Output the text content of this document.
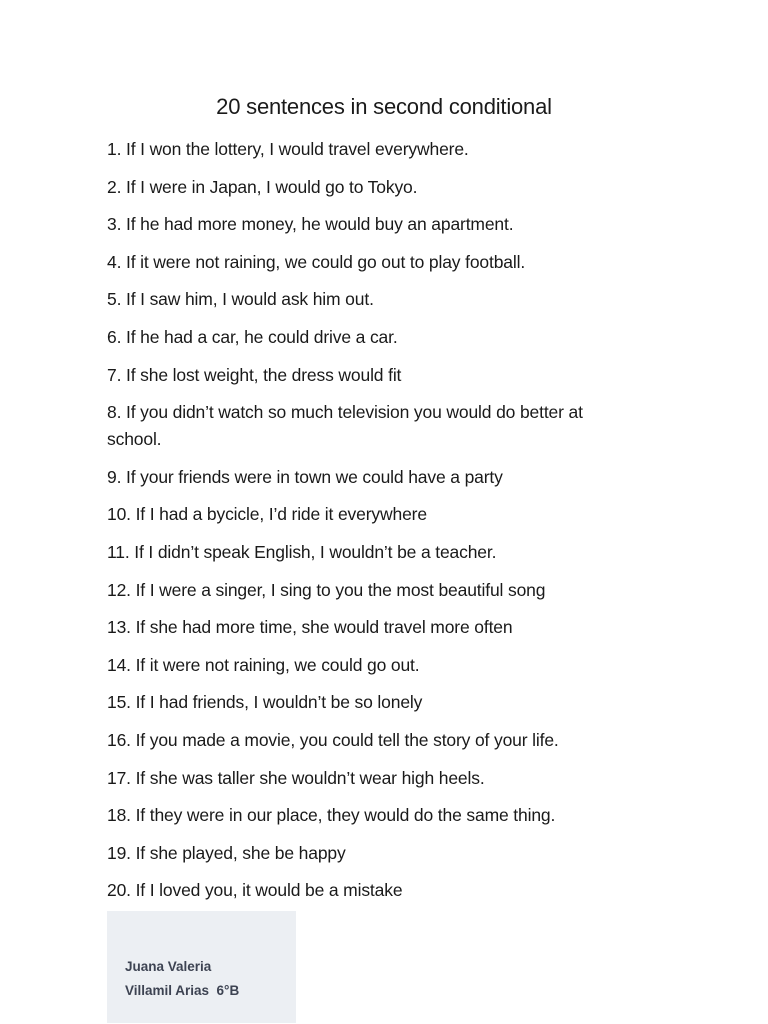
20 sentences in second conditional
1. If I won the lottery, I would travel everywhere.
2. If I were in Japan, I would go to Tokyo.
3. If he had more money, he would buy an apartment.
4. If it were not raining, we could go out to play football.
5. If I saw him, I would ask him out.
6. If he had a car, he could drive a car.
7. If she lost weight, the dress would fit
8. If you didn’t watch so much television you would do better at school.
9. If your friends were in town we could have a party
10. If I had a bycicle, I’d ride it everywhere
11. If I didn’t speak English, I wouldn’t be a teacher.
12. If I were a singer, I sing to you the most beautiful song
13. If she had more time, she would travel more often
14. If it were not raining, we could go out.
15. If I had friends, I wouldn’t be so lonely
16. If you made a movie, you could tell the story of your life.
17. If she was taller she wouldn’t wear high heels.
18. If they were in our place, they would do the same thing.
19. If she played, she be happy
20. If I loved you, it would be a mistake
Juana Valeria
Villamil Arias  6°B
